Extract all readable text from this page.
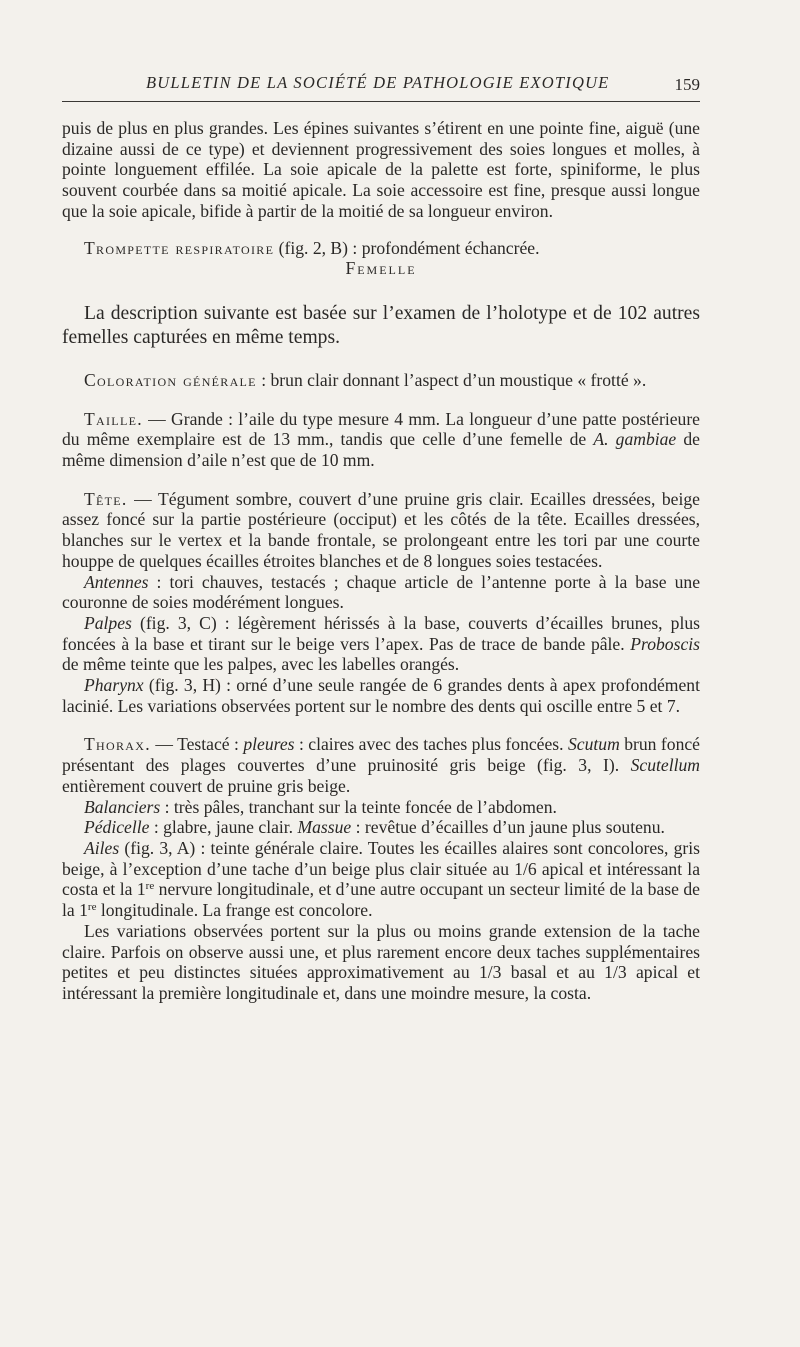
BULLETIN DE LA SOCIÉTÉ DE PATHOLOGIE EXOTIQUE	159

puis de plus en plus grandes. Les épines suivantes s’étirent en une pointe fine, aiguë (une dizaine aussi de ce type) et deviennent progressivement des soies longues et molles, à pointe longuement effilée. La soie apicale de la palette est forte, spiniforme, le plus souvent courbée dans sa moitié apicale. La soie accessoire est fine, presque aussi longue que la soie apicale, bifide à partir de la moitié de sa longueur environ.

Trompette respiratoire (fig. 2, B) : profondément échancrée.

Femelle

La description suivante est basée sur l’examen de l’holotype et de 102 autres femelles capturées en même temps.

Coloration générale : brun clair donnant l’aspect d’un moustique « frotté ».

Taille. — Grande : l’aile du type mesure 4 mm. La longueur d’une patte postérieure du même exemplaire est de 13 mm., tandis que celle d’une femelle de A. gambiae de même dimension d’aile n’est que de 10 mm.

Tête. — Tégument sombre, couvert d’une pruine gris clair. Ecailles dressées, beige assez foncé sur la partie postérieure (occiput) et les côtés de la tête. Ecailles dressées, blanches sur le vertex et la bande frontale, se prolongeant entre les tori par une courte houppe de quelques écailles étroites blanches et de 8 longues soies testacées.

Antennes : tori chauves, testacés ; chaque article de l’antenne porte à la base une couronne de soies modérément longues.

Palpes (fig. 3, C) : légèrement hérissés à la base, couverts d’écailles brunes, plus foncées à la base et tirant sur le beige vers l’apex. Pas de trace de bande pâle. Proboscis de même teinte que les palpes, avec les labelles orangés.

Pharynx (fig. 3, H) : orné d’une seule rangée de 6 grandes dents à apex profondément lacinié. Les variations observées portent sur le nombre des dents qui oscille entre 5 et 7.

Thorax. — Testacé : pleures : claires avec des taches plus foncées. Scutum brun foncé présentant des plages couvertes d’une pruinosité gris beige (fig. 3, I). Scutellum entièrement couvert de pruine gris beige.

Balanciers : très pâles, tranchant sur la teinte foncée de l’abdomen.

Pédicelle : glabre, jaune clair. Massue : revêtue d’écailles d’un jaune plus soutenu.

Ailes (fig. 3, A) : teinte générale claire. Toutes les écailles alaires sont concolores, gris beige, à l’exception d’une tache d’un beige plus clair située au 1/6 apical et intéressant la costa et la 1re nervure longitudinale, et d’une autre occupant un secteur limité de la base de la 1re longitudinale. La frange est concolore.

Les variations observées portent sur la plus ou moins grande extension de la tache claire. Parfois on observe aussi une, et plus rarement encore deux taches supplémentaires petites et peu distinctes situées approximativement au 1/3 basal et au 1/3 apical et intéressant la première longitudinale et, dans une moindre mesure, la costa.
